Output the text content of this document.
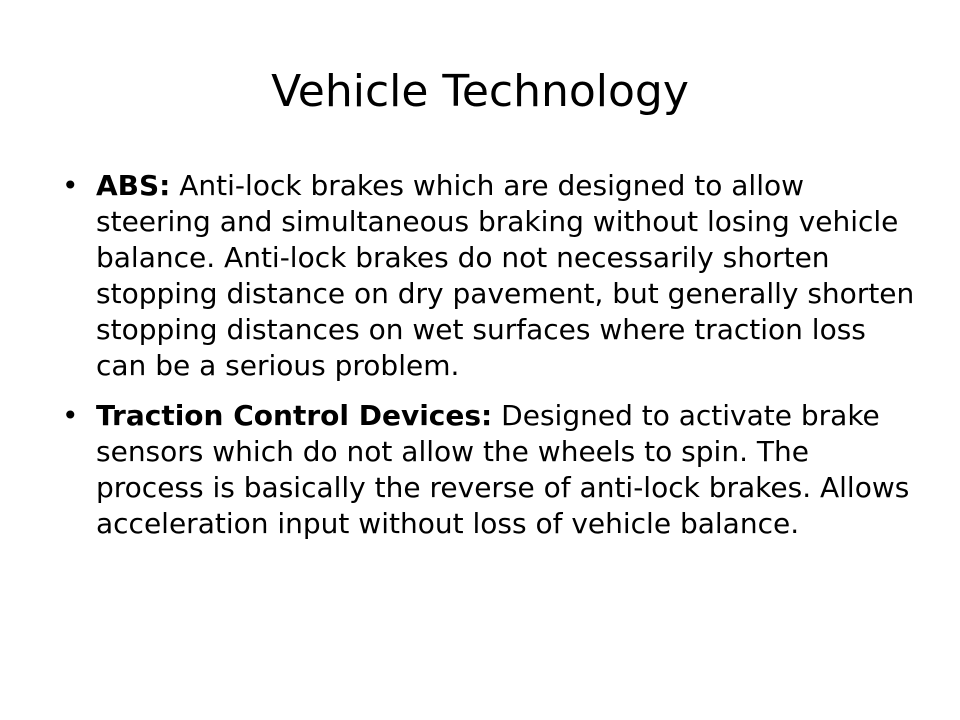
Vehicle Technology
• ABS: Anti-lock brakes which are designed to allow steering and simultaneous braking without losing vehicle balance. Anti-lock brakes do not necessarily shorten stopping distance on dry pavement, but generally shorten stopping distances on wet surfaces where traction loss can be a serious problem.
• Traction Control Devices: Designed to activate brake sensors which do not allow the wheels to spin. The process is basically the reverse of anti-lock brakes. Allows acceleration input without loss of vehicle balance.
